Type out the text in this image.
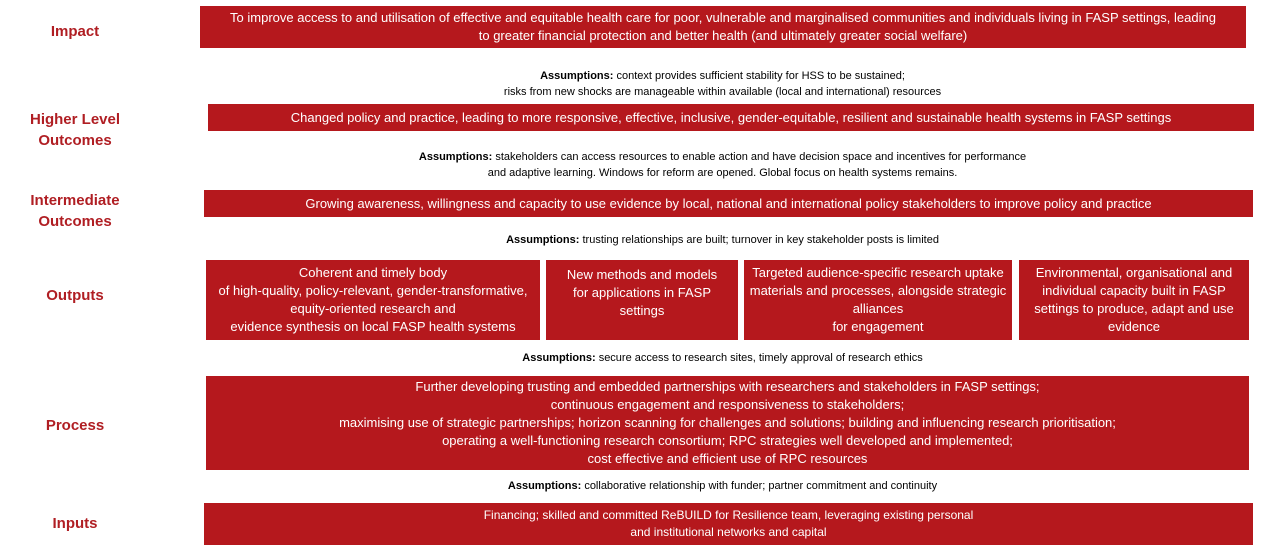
Impact
To improve access to and utilisation of effective and equitable health care for poor, vulnerable and marginalised communities and individuals living in FASP settings, leading
to greater financial protection and better health (and ultimately greater social welfare)
Assumptions: context provides sufficient stability for HSS to be sustained;
risks from new shocks are manageable within available (local and international) resources
Higher Level
Outcomes
Changed policy and practice, leading to more responsive, effective, inclusive, gender-equitable, resilient and sustainable health systems in FASP settings
Assumptions: stakeholders can access resources to enable action and have decision space and incentives for performance
and adaptive learning. Windows for reform are opened. Global focus on health systems remains.
Intermediate
Outcomes
Growing awareness, willingness and capacity to use evidence by local, national and international policy stakeholders to improve policy and practice
Assumptions: trusting relationships are built; turnover in key stakeholder posts is limited
Outputs
Coherent and timely body
of high-quality, policy-relevant, gender-transformative,
equity-oriented research and
evidence synthesis on local FASP health systems
New methods and models
for applications in FASP
settings
Targeted audience-specific research uptake
materials and processes, alongside strategic
alliances
for engagement
Environmental, organisational and
individual capacity built in FASP
settings to produce, adapt and use
evidence
Assumptions: secure access to research sites, timely approval of research ethics
Process
Further developing trusting and embedded partnerships with researchers and stakeholders in FASP settings;
continuous engagement and responsiveness to stakeholders;
maximising use of strategic partnerships; horizon scanning for challenges and solutions; building and influencing research prioritisation;
operating a well-functioning research consortium; RPC strategies well developed and implemented;
cost effective and efficient use of RPC resources
Assumptions: collaborative relationship with funder; partner commitment and continuity
Inputs	Financing; skilled and committed ReBUILD for Resilience team, leveraging existing personal
and institutional networks and capital
